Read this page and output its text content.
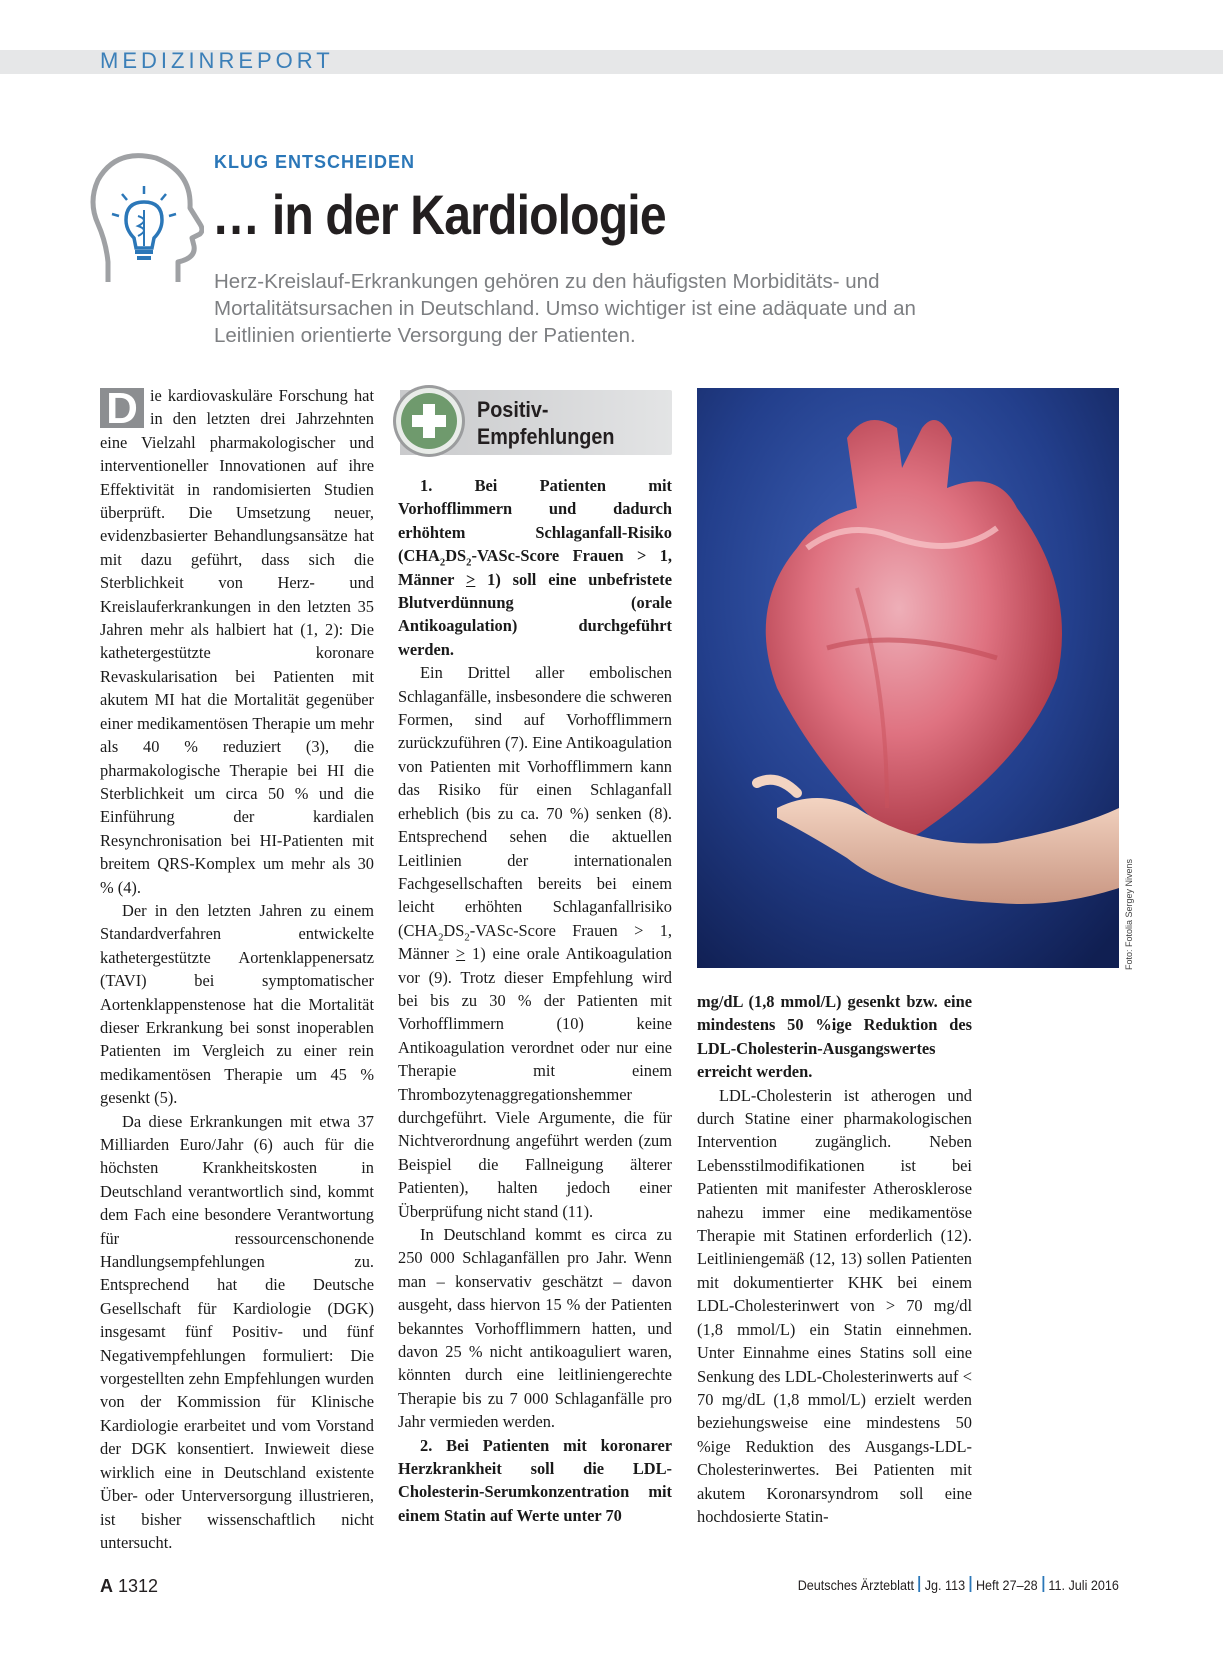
MEDIZINREPORT
KLUG ENTSCHEIDEN
… in der Kardiologie

Herz-Kreislauf-Erkrankungen gehören zu den häufigsten Morbiditäts- und Mortalitätsursachen in Deutschland. Umso wichtiger ist eine adäquate und an Leitlinien orientierte Versorgung der Patienten.

D ie kardiovaskuläre Forschung hat in den letzten drei Jahrzehnten eine Vielzahl pharmakologischer und interventioneller Innovationen auf ihre Effektivität in randomisierten Studien überprüft. Die Umsetzung neuer, evidenzbasierter Behandlungsansätze hat mit dazu geführt, dass sich die Sterblichkeit von Herz- und Kreislauferkrankungen in den letzten 35 Jahren mehr als halbiert hat (1, 2): Die kathetergestützte koronare Revaskularisation bei Patienten mit akutem MI hat die Mortalität gegenüber einer medikamentösen Therapie um mehr als 40 % reduziert (3), die pharmakologische Therapie bei HI die Sterblichkeit um circa 50 % und die Einführung der kardialen Resynchronisation bei HI-Patienten mit breitem QRS-Komplex um mehr als 30 % (4).

Der in den letzten Jahren zu einem Standardverfahren entwickelte kathetergestützte Aortenklappenersatz (TAVI) bei symptomatischer Aortenklappenstenose hat die Mortalität dieser Erkrankung bei sonst inoperablen Patienten im Vergleich zu einer rein medikamentösen Therapie um 45 % gesenkt (5).

Da diese Erkrankungen mit etwa 37 Milliarden Euro/Jahr (6) auch für die höchsten Krankheitskosten in Deutschland verantwortlich sind, kommt dem Fach eine besondere Verantwortung für ressourcenschonende Handlungsempfehlungen zu. Entsprechend hat die Deutsche Gesellschaft für Kardiologie (DGK) insgesamt fünf Positiv- und fünf Negativempfehlungen formuliert: Die vorgestellten zehn Empfehlungen wurden von der Kommission für Klinische Kardiologie erarbeitet und vom Vorstand der DGK konsentiert. Inwieweit diese wirklich eine in Deutschland existente Über- oder Unterversorgung illustrieren, ist bisher wissenschaftlich nicht untersucht.

Positiv-
Empfehlungen

1. Bei Patienten mit Vorhofflimmern und dadurch erhöhtem Schlaganfall-Risiko ($CHA_2DS_2-VASc$-Score Frauen > 1, Männer > 1) soll eine unbefristete Blutverdünnung (orale Antikoagulation) durchgeführt werden.

Ein Drittel aller embolischen Schlaganfälle, insbesondere die schweren Formen, sind auf Vorhofflimmern zurückzuführen (7). Eine Antikoagulation von Patienten mit Vorhofflimmern kann das Risiko für einen Schlaganfall erheblich (bis zu ca. 70 %) senken (8). Entsprechend sehen die aktuellen Leitlinien der internationalen Fachgesellschaften bereits bei einem leicht erhöhten Schlaganfallrisiko ($CHA_2DS_2-VASc$-Score Frauen > 1, Männer > 1) eine orale Antikoagulation vor (9). Trotz dieser Empfehlung wird bei bis zu 30 % der Patienten mit Vorhofflimmern (10) keine Antikoagulation verordnet oder nur eine Therapie mit einem Thrombozytenaggregationshemmer durchgeführt. Viele Argumente, die für Nichtverordnung angeführt werden (zum Beispiel die Fallneigung älterer Patienten), halten jedoch einer Überprüfung nicht stand (11).

In Deutschland kommt es circa zu 250 000 Schlaganfällen pro Jahr. Wenn man – konservativ geschätzt – davon ausgeht, dass hiervon 15 % der Patienten bekanntes Vorhofflimmern hatten, und davon 25 % nicht antikoaguliert waren, könnten durch eine leitliniengerechte Therapie bis zu 7 000 Schlaganfälle pro Jahr vermieden werden.

2. Bei Patienten mit koronarer Herzkrankheit soll die LDL-Cholesterin-Serumkonzentration mit einem Statin auf Werte unter 70

Foto: Fotolia Sergey Nivens

mg/dL (1,8 mmol/L) gesenkt bzw. eine mindestens 50 %ige Reduktion des LDL-Cholesterin-Ausgangswertes erreicht werden.

LDL-Cholesterin ist atherogen und durch Statine einer pharmakologischen Intervention zugänglich. Neben Lebensstilmodifikationen ist bei Patienten mit manifester Atherosklerose nahezu immer eine medikamentöse Therapie mit Statinen erforderlich (12). Leitliniengemäß (12, 13) sollen Patienten mit dokumentierter KHK bei einem LDL-Cholesterinwert von > 70 mg/dl (1,8 mmol/L) ein Statin einnehmen. Unter Einnahme eines Statins soll eine Senkung des LDL-Cholesterinwerts auf < 70 mg/dL (1,8 mmol/L) erzielt werden beziehungsweise eine mindestens 50 %ige Reduktion des Ausgangs-LDL-Cholesterinwertes. Bei Patienten mit akutem Koronarsyndrom soll eine hochdosierte Statin-

A 1312	Deutsches Ärzteblatt Jg. 113 Heft 27–28 11. Juli 2016
